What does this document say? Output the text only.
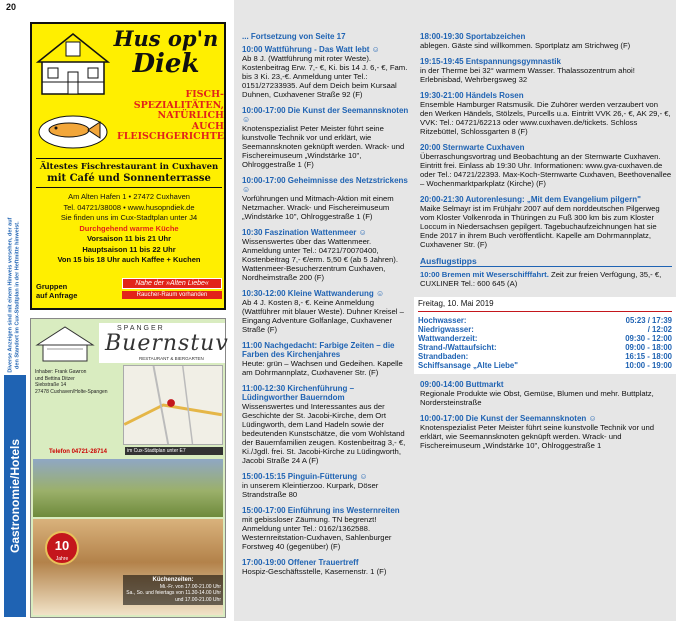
20
Diverse Anzeigen sind mit einem Hinweis versehen, der auf
den Standort im Cux-Stadtplan in der Heftmitte hinweist.
Gastronomie/Hotels
Hus op'n
Diek
FISCH-
SPEZIALITÄTEN,
NATÜRLICH
AUCH
FLEISCHGERICHTE
Ältestes Fischrestaurant in Cuxhaven
mit Café und Sonnenterrasse
Am Alten Hafen 1 • 27472 Cuxhaven
Tel. 04721/38008 • www.husopndiek.de
Sie finden uns im Cux-Stadtplan unter J4
Durchgehend warme Küche
Vorsaison 11 bis 21 Uhr
Hauptsaison 11 bis 22 Uhr
Von 15 bis 18 Uhr auch Kaffee + Kuchen
Gruppen
auf Anfrage
Nahe der »Alten Liebe«
Raucher-Raum vorhanden
SPANGER
Buernstuv
RESTAURANT & BIERGARTEN
Inhaber: Frank Gawron
und Bettina Ditzer
Siebstraße 14
27478 Cuxhaven/Holte-Spangen
Telefon 04721-28714	im Cux-Stadtplan unter E7
10
Jahre
Küchenzeiten:
Mi.-Fr. von 17.00-21.00 Uhr
Sa., So. und feiertags von 11.30-14.00 Uhr
und 17.00-21.00 Uhr
... Fortsetzung von Seite 17
10:00 Wattführung - Das Watt lebt ☺
Ab 8 J. (Wattführung mit roter Weste). Kostenbeitrag Erw. 7,- €, Ki. bis 14 J. 6,- €, Fam. bis 3 Ki. 23,-€. Anmeldung unter Tel.: 0151/27233935. Auf dem Deich beim Kursaal Duhnen, Cuxhavener Straße 92 (F)
10:00-17:00 Die Kunst der Seemannsknoten ☺
Knotenspezialist Peter Meister führt seine kunstvolle Technik vor und erklärt, wie Seemannsknoten geknüpft werden. Wrack- und Fischereimuseum „Windstärke 10", Ohlroggestraße 1 (F)
10:00-17:00 Geheimnisse des Netzstrickens ☺
Vorführungen und Mitmach-Aktion mit einem Netzmacher. Wrack- und Fischereimuseum „Windstärke 10", Ohlroggestraße 1 (F)
10:30 Faszination Wattenmeer ☺
Wissenswertes über das Wattenmeer. Anmeldung unter Tel.: 04721/70070400, Kostenbeitrag 7,- €/erm. 5,50 € (ab 5 Jahren). Wattenmeer-Besucherzentrum Cuxhaven, Nordheimstraße 200 (F)
10:30-12:00 Kleine Wattwanderung ☺
Ab 4 J. Kosten 8,- €. Keine Anmeldung (Wattführer mit blauer Weste). Duhner Kreisel – Eingang Adventure Golfanlage, Cuxhavener Straße (F)
11:00 Nachgedacht: Farbige Zeiten – die Farben des Kirchenjahres
Heute: grün – Wachsen und Gedeihen. Kapelle am Dohrmannplatz, Cuxhavener Str. (F)
11:00-12:30 Kirchenführung – Lüdingworther Bauerndom
Wissenswertes und Interessantes aus der Geschichte der St. Jacobi-Kirche, dem Ort Lüdingworth, dem Land Hadeln sowie der bedeutenden Kunstschätze, die vom Wohlstand der Bauernfamilien zeugen. Kostenbeitrag 3,- €, Ki./Jgdl. frei. St. Jacobi-Kirche zu Lüdingworth, Jacobi Straße 24 A (F)
15:00-15:15 Pinguin-Fütterung ☺
in unserem Kleintierzoo. Kurpark, Döser Strandstraße 80
15:00-17:00 Einführung ins Westernreiten
mit gebissloser Zäumung. TN begrenzt! Anmeldung unter Tel.: 0162/1362588. Westernreitstation-Cuxhaven, Sahlenburger Forstweg 40 (gegenüber) (F)
17:00-19:00 Offener Trauertreff
Hospiz-Geschäftsstelle, Kasernenstr. 1 (F)
18:00-19:30 Sportabzeichen
ablegen. Gäste sind willkommen. Sportplatz am Strichweg (F)
19:15-19:45 Entspannungsgymnastik
in der Therme bei 32° warmem Wasser. Thalassozentrum ahoi! Erlebnisbad, Wehrbergsweg 32
19:30-21:00 Händels Rosen
Ensemble Hamburger Ratsmusik. Die Zuhörer werden verzaubert von den Werken Händels, Stölzels, Purcells u.a. Eintritt VVK 26,- €, AK 29,- €, VVK: Tel.: 04721/62213 oder www.cuxhaven.de/tickets. Schloss Ritzebüttel, Schlossgarten 8 (F)
20:00 Sternwarte Cuxhaven
Überraschungsvortrag und Beobachtung an der Sternwarte Cuxhaven. Eintritt frei. Einlass ab 19:30 Uhr. Informationen: www.gva-cuxhaven.de oder Tel.: 04721/22393. Max-Koch-Sternwarte Cuxhaven, Beethovenallee – Wochenmarktparkplatz (Kirche) (F)
20:00-21:30 Autorenlesung: „Mit dem Evangelium pilgern"
Maike Selmayr ist im Frühjahr 2007 auf dem norddeutschen Pilgerweg vom Kloster Volkenroda in Thüringen zu Fuß 300 km bis zum Kloster Loccum in Niedersachsen gepilgert. Tagebuchaufzeichnungen hat sie Ende 2017 in ihrem Buch veröffentlicht. Kapelle am Dohrmannplatz, Cuxhavener Str. (F)
Ausflugstipps
10:00 Bremen mit Weserschifffahrt. Zeit zur freien Verfügung, 35,- €, CUXLINER Tel.: 600 645 (A)
Freitag, 10. Mai 2019
Hochwasser:	05:23 / 17:39
Niedrigwasser:	/ 12:02
Wattwanderzeit:	09:30 - 12:00
Strand-/Wattaufsicht:	09:00 - 18:00
Strandbaden:	16:15 - 18:00
Schiffsansage „Alte Liebe"	10:00 - 19:00
09:00-14:00 Buttmarkt
Regionale Produkte wie Obst, Gemüse, Blumen und mehr. Buttplatz, Nordersteinstraße
10:00-17:00 Die Kunst der Seemannsknoten ☺
Knotenspezialist Peter Meister führt seine kunstvolle Technik vor und erklärt, wie Seemannsknoten geknüpft werden. Wrack- und Fischereimuseum „Windstärke 10", Ohlroggestraße 1
